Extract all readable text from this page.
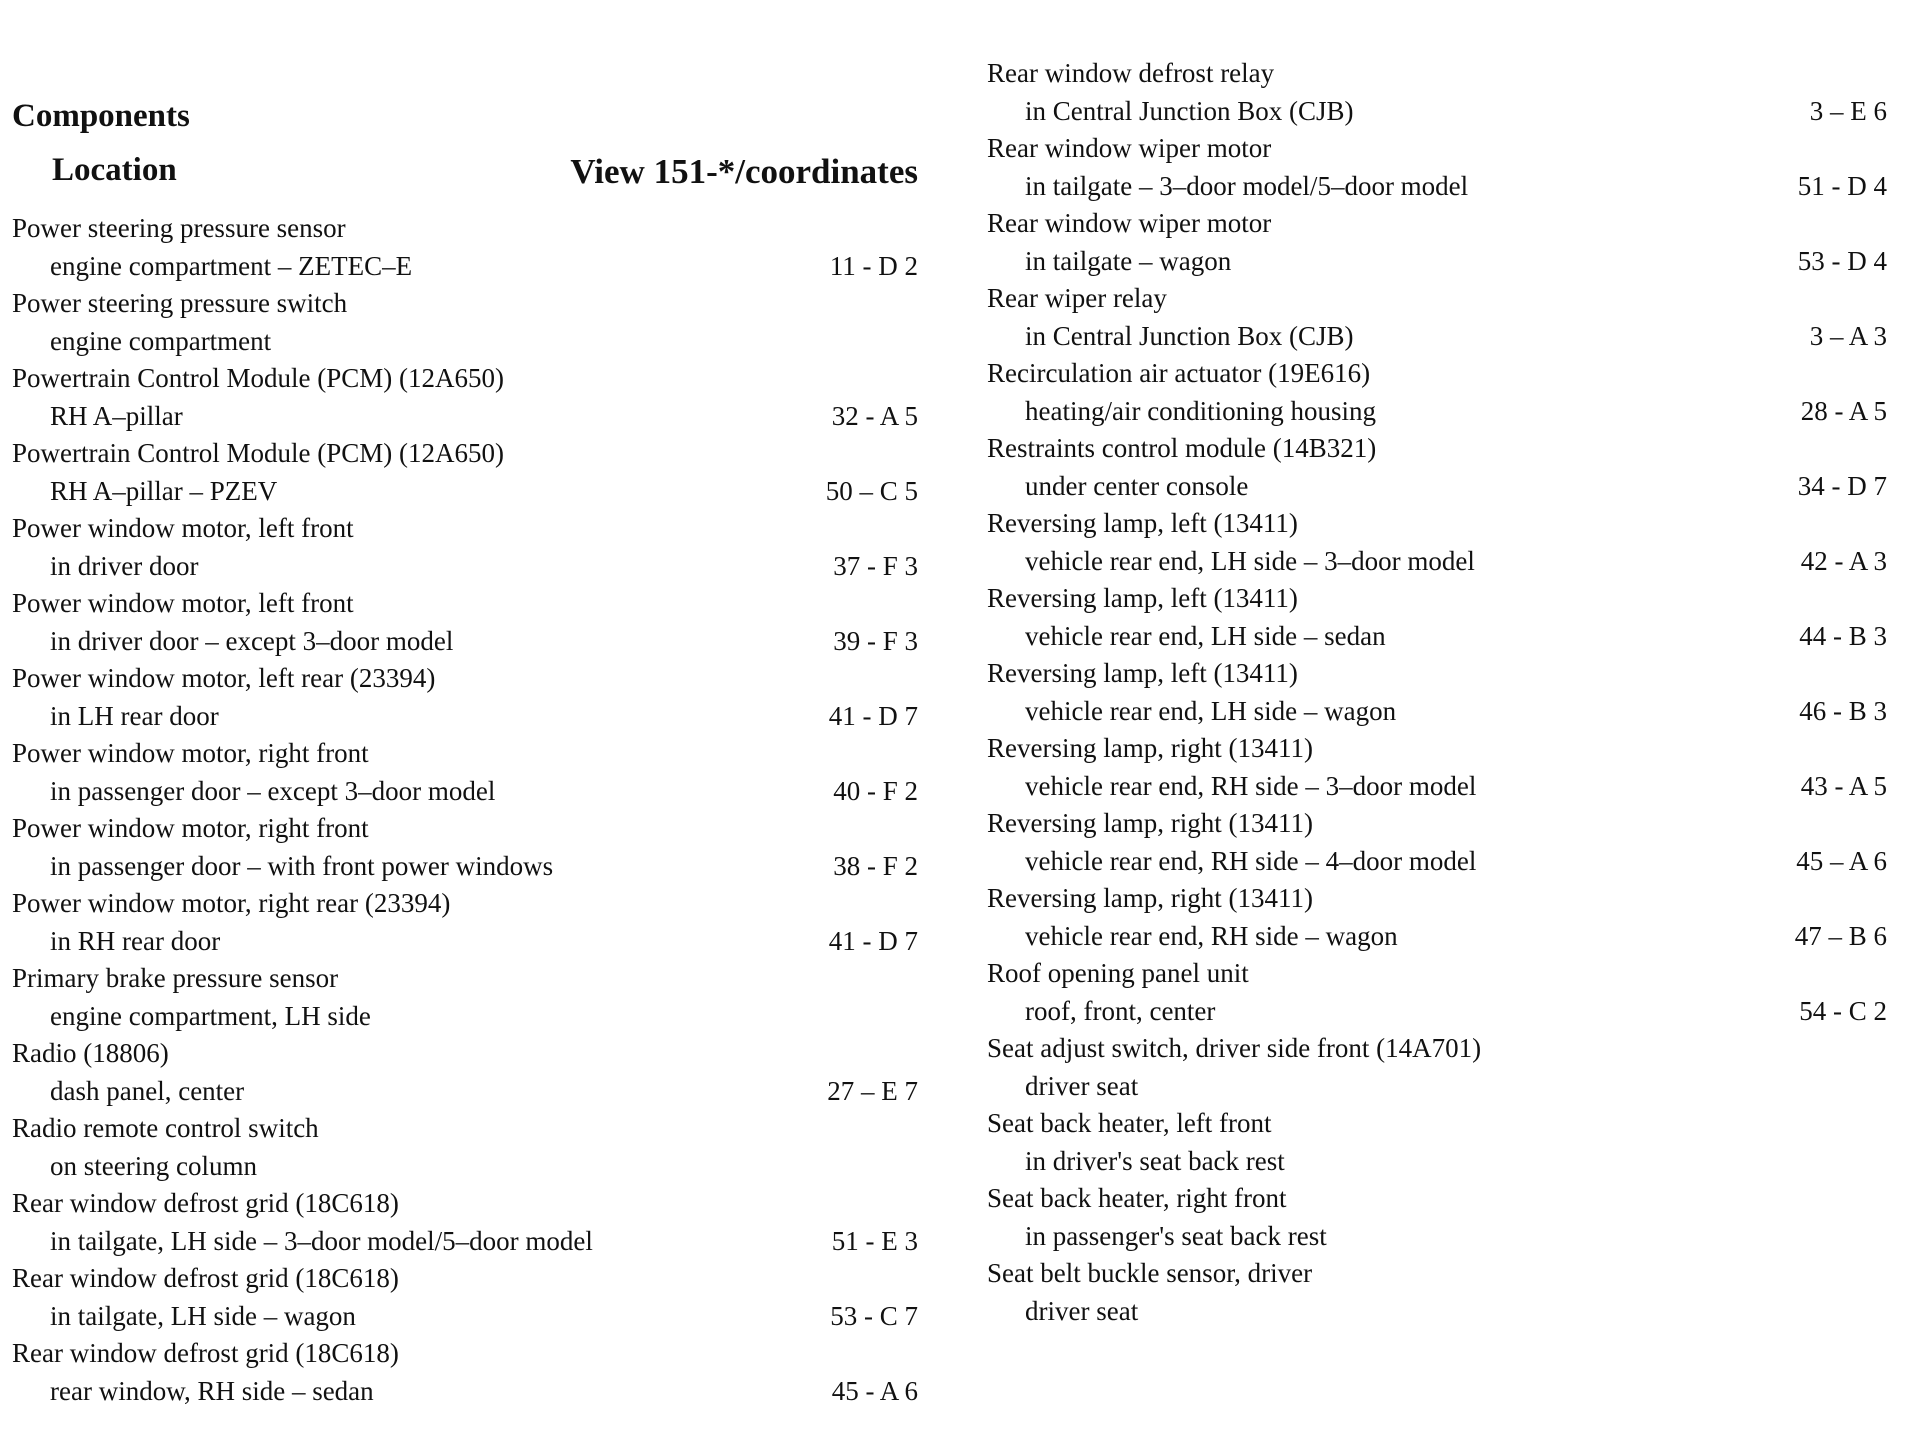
Components
Location	View 151-*/coordinates
Power steering pressure sensor
engine compartment – ZETEC–E	11 - D 2
Power steering pressure switch
engine compartment
Powertrain Control Module (PCM) (12A650)
RH A–pillar	32 - A 5
Powertrain Control Module (PCM) (12A650)
RH A–pillar – PZEV	50 – C 5
Power window motor, left front
in driver door	37 - F 3
Power window motor, left front
in driver door – except 3–door model	39 - F 3
Power window motor, left rear (23394)
in LH rear door	41 - D 7
Power window motor, right front
in passenger door – except 3–door model	40 - F 2
Power window motor, right front
in passenger door – with front power windows	38 - F 2
Power window motor, right rear (23394)
in RH rear door	41 - D 7
Primary brake pressure sensor
engine compartment, LH side
Radio (18806)
dash panel, center	27 – E 7
Radio remote control switch
on steering column
Rear window defrost grid (18C618)
in tailgate, LH side – 3–door model/5–door model	51 - E 3
Rear window defrost grid (18C618)
in tailgate, LH side – wagon	53 - C 7
Rear window defrost grid (18C618)
rear window, RH side – sedan	45 - A 6
Rear window defrost relay
in Central Junction Box (CJB)	3 – E 6
Rear window wiper motor
in tailgate – 3–door model/5–door model	51 - D 4
Rear window wiper motor
in tailgate – wagon	53 - D 4
Rear wiper relay
in Central Junction Box (CJB)	3 – A 3
Recirculation air actuator (19E616)
heating/air conditioning housing	28 - A 5
Restraints control module (14B321)
under center console	34 - D 7
Reversing lamp, left (13411)
vehicle rear end, LH side – 3–door model	42 - A 3
Reversing lamp, left (13411)
vehicle rear end, LH side – sedan	44 - B 3
Reversing lamp, left (13411)
vehicle rear end, LH side – wagon	46 - B 3
Reversing lamp, right (13411)
vehicle rear end, RH side – 3–door model	43 - A 5
Reversing lamp, right (13411)
vehicle rear end, RH side – 4–door model	45 – A 6
Reversing lamp, right (13411)
vehicle rear end, RH side – wagon	47 – B 6
Roof opening panel unit
roof, front, center	54 - C 2
Seat adjust switch, driver side front (14A701)
driver seat
Seat back heater, left front
in driver's seat back rest
Seat back heater, right front
in passenger's seat back rest
Seat belt buckle sensor, driver
driver seat
